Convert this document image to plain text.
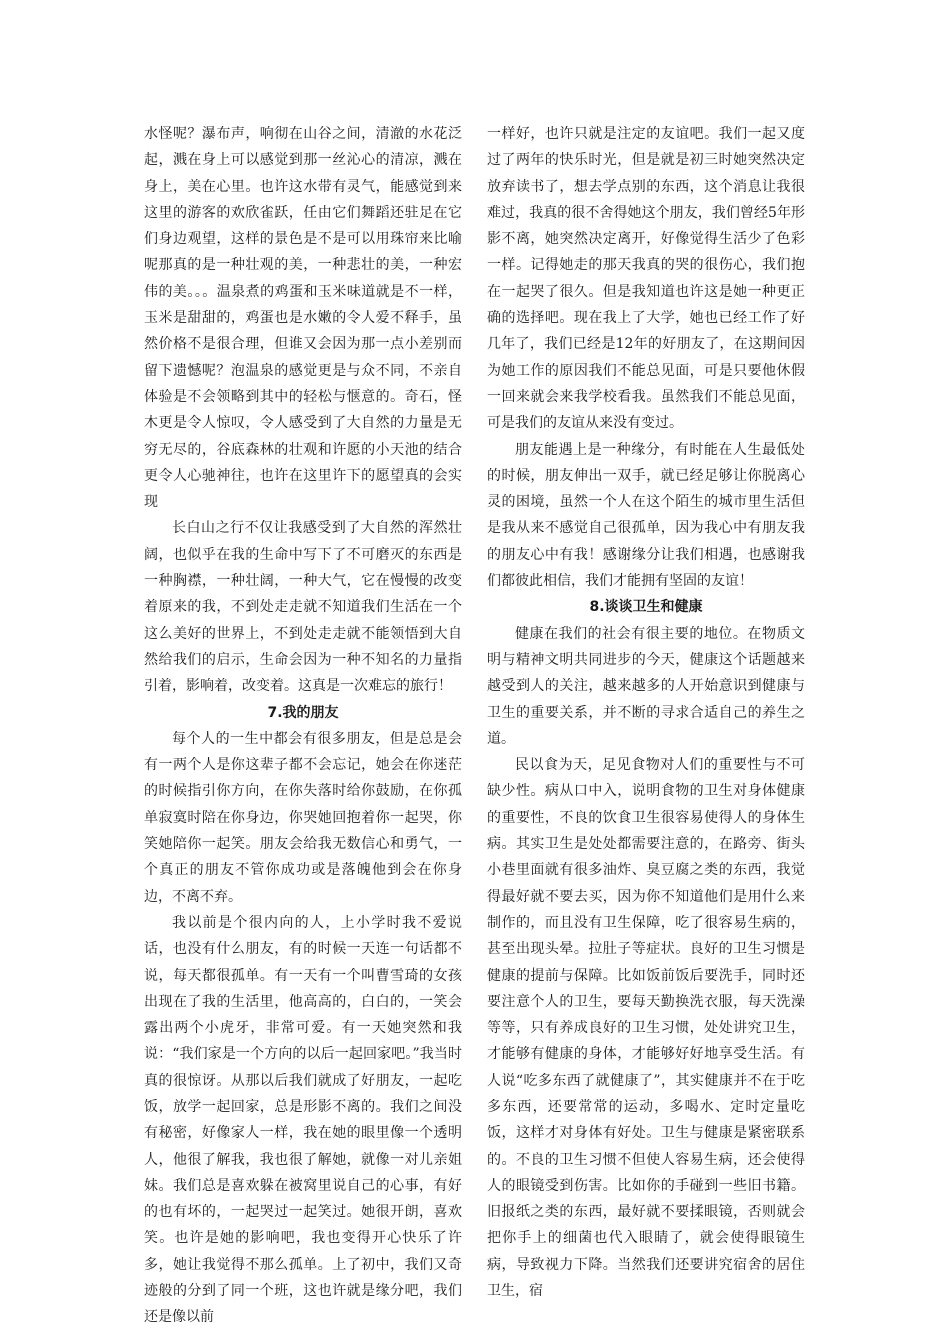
水怪呢？瀑布声，响彻在山谷之间，清澈的水花泛起，溅在身上可以感觉到那一丝沁心的清凉，溅在身上，美在心里。也许这水带有灵气，能感觉到来这里的游客的欢欣雀跃，任由它们舞蹈还驻足在它们身边观望，这样的景色是不是可以用珠帘来比喻呢那真的是一种壮观的美，一种悲壮的美，一种宏伟的美。。。温泉煮的鸡蛋和玉米味道就是不一样，玉米是甜甜的，鸡蛋也是水嫩的令人爱不释手，虽然价格不是很合理，但谁又会因为那一点小差别而留下遗憾呢？泡温泉的感觉更是与众不同，不亲自体验是不会领略到其中的轻松与惬意的。奇石，怪木更是令人惊叹，令人感受到了大自然的力量是无穷无尽的，谷底森林的壮观和许愿的小天池的结合更令人心驰神往，也许在这里许下的愿望真的会实现

长白山之行不仅让我感受到了大自然的浑然壮阔，也似乎在我的生命中写下了不可磨灭的东西是一种胸襟，一种壮阔，一种大气，它在慢慢的改变着原来的我，不到处走走就不知道我们生活在一个这么美好的世界上，不到处走走就不能领悟到大自然给我们的启示，生命会因为一种不知名的力量指引着，影响着，改变着。这真是一次难忘的旅行！

7.我的朋友

每个人的一生中都会有很多朋友，但是总是会有一两个人是你这辈子都不会忘记，她会在你迷茫的时候指引你方向，在你失落时给你鼓励，在你孤单寂寞时陪在你身边，你哭她回抱着你一起哭，你笑她陪你一起笑。朋友会给我无数信心和勇气，一个真正的朋友不管你成功或是落魄他到会在你身边，不离不弃。

我以前是个很内向的人，上小学时我不爱说话，也没有什么朋友，有的时候一天连一句话都不说，每天都很孤单。有一天有一个叫曹雪琦的女孩出现在了我的生活里，他高高的，白白的，一笑会露出两个小虎牙，非常可爱。有一天她突然和我说：“我们家是一个方向的以后一起回家吧。”我当时真的很惊讶。从那以后我们就成了好朋友，一起吃饭，放学一起回家，总是形影不离的。我们之间没有秘密，好像家人一样，我在她的眼里像一个透明人，他很了解我，我也很了解她，就像一对儿亲姐妹。我们总是喜欢躲在被窝里说自己的心事，有好的也有坏的，一起哭过一起笑过。她很开朗，喜欢笑。也许是她的影响吧，我也变得开心快乐了许多，她让我觉得不那么孤单。上了初中，我们又奇迹般的分到了同一个班，这也许就是缘分吧，我们还是像以前

一样好，也许只就是注定的友谊吧。我们一起又度过了两年的快乐时光，但是就是初三时她突然决定放弃读书了，想去学点别的东西，这个消息让我很难过，我真的很不舍得她这个朋友，我们曾经5年形影不离，她突然决定离开，好像觉得生活少了色彩一样。记得她走的那天我真的哭的很伤心，我们抱在一起哭了很久。但是我知道也许这是她一种更正确的选择吧。现在我上了大学，她也已经工作了好几年了，我们已经是12年的好朋友了，在这期间因为她工作的原因我们不能总见面，可是只要他休假一回来就会来我学校看我。虽然我们不能总见面，可是我们的友谊从来没有变过。

朋友能遇上是一种缘分，有时能在人生最低处的时候，朋友伸出一双手，就已经足够让你脱离心灵的困境，虽然一个人在这个陌生的城市里生活但是我从来不感觉自己很孤单，因为我心中有朋友我的朋友心中有我！感谢缘分让我们相遇，也感谢我们都彼此相信，我们才能拥有坚固的友谊！

8.谈谈卫生和健康

健康在我们的社会有很主要的地位。在物质文明与精神文明共同进步的今天，健康这个话题越来越受到人的关注，越来越多的人开始意识到健康与卫生的重要关系，并不断的寻求合适自己的养生之道。

民以食为天，足见食物对人们的重要性与不可缺少性。病从口中入，说明食物的卫生对身体健康的重要性，不良的饮食卫生很容易使得人的身体生病。其实卫生是处处都需要注意的，在路旁、街头小巷里面就有很多油炸、臭豆腐之类的东西，我觉得最好就不要去买，因为你不知道他们是用什么来制作的，而且没有卫生保障，吃了很容易生病的，甚至出现头晕。拉肚子等症状。良好的卫生习惯是健康的提前与保障。比如饭前饭后要洗手，同时还要注意个人的卫生，要每天勤换洗衣服，每天洗澡等等，只有养成良好的卫生习惯，处处讲究卫生，才能够有健康的身体，才能够好好地享受生活。有人说“吃多东西了就健康了”，其实健康并不在于吃多东西，还要常常的运动，多喝水、定时定量吃饭，这样才对身体有好处。卫生与健康是紧密联系的。不良的卫生习惯不但使人容易生病，还会使得人的眼镜受到伤害。比如你的手碰到一些旧书籍。旧报纸之类的东西，最好就不要揉眼镜，否则就会把你手上的细菌也代入眼睛了，就会使得眼镜生病，导致视力下降。当然我们还要讲究宿舍的居住卫生，宿
